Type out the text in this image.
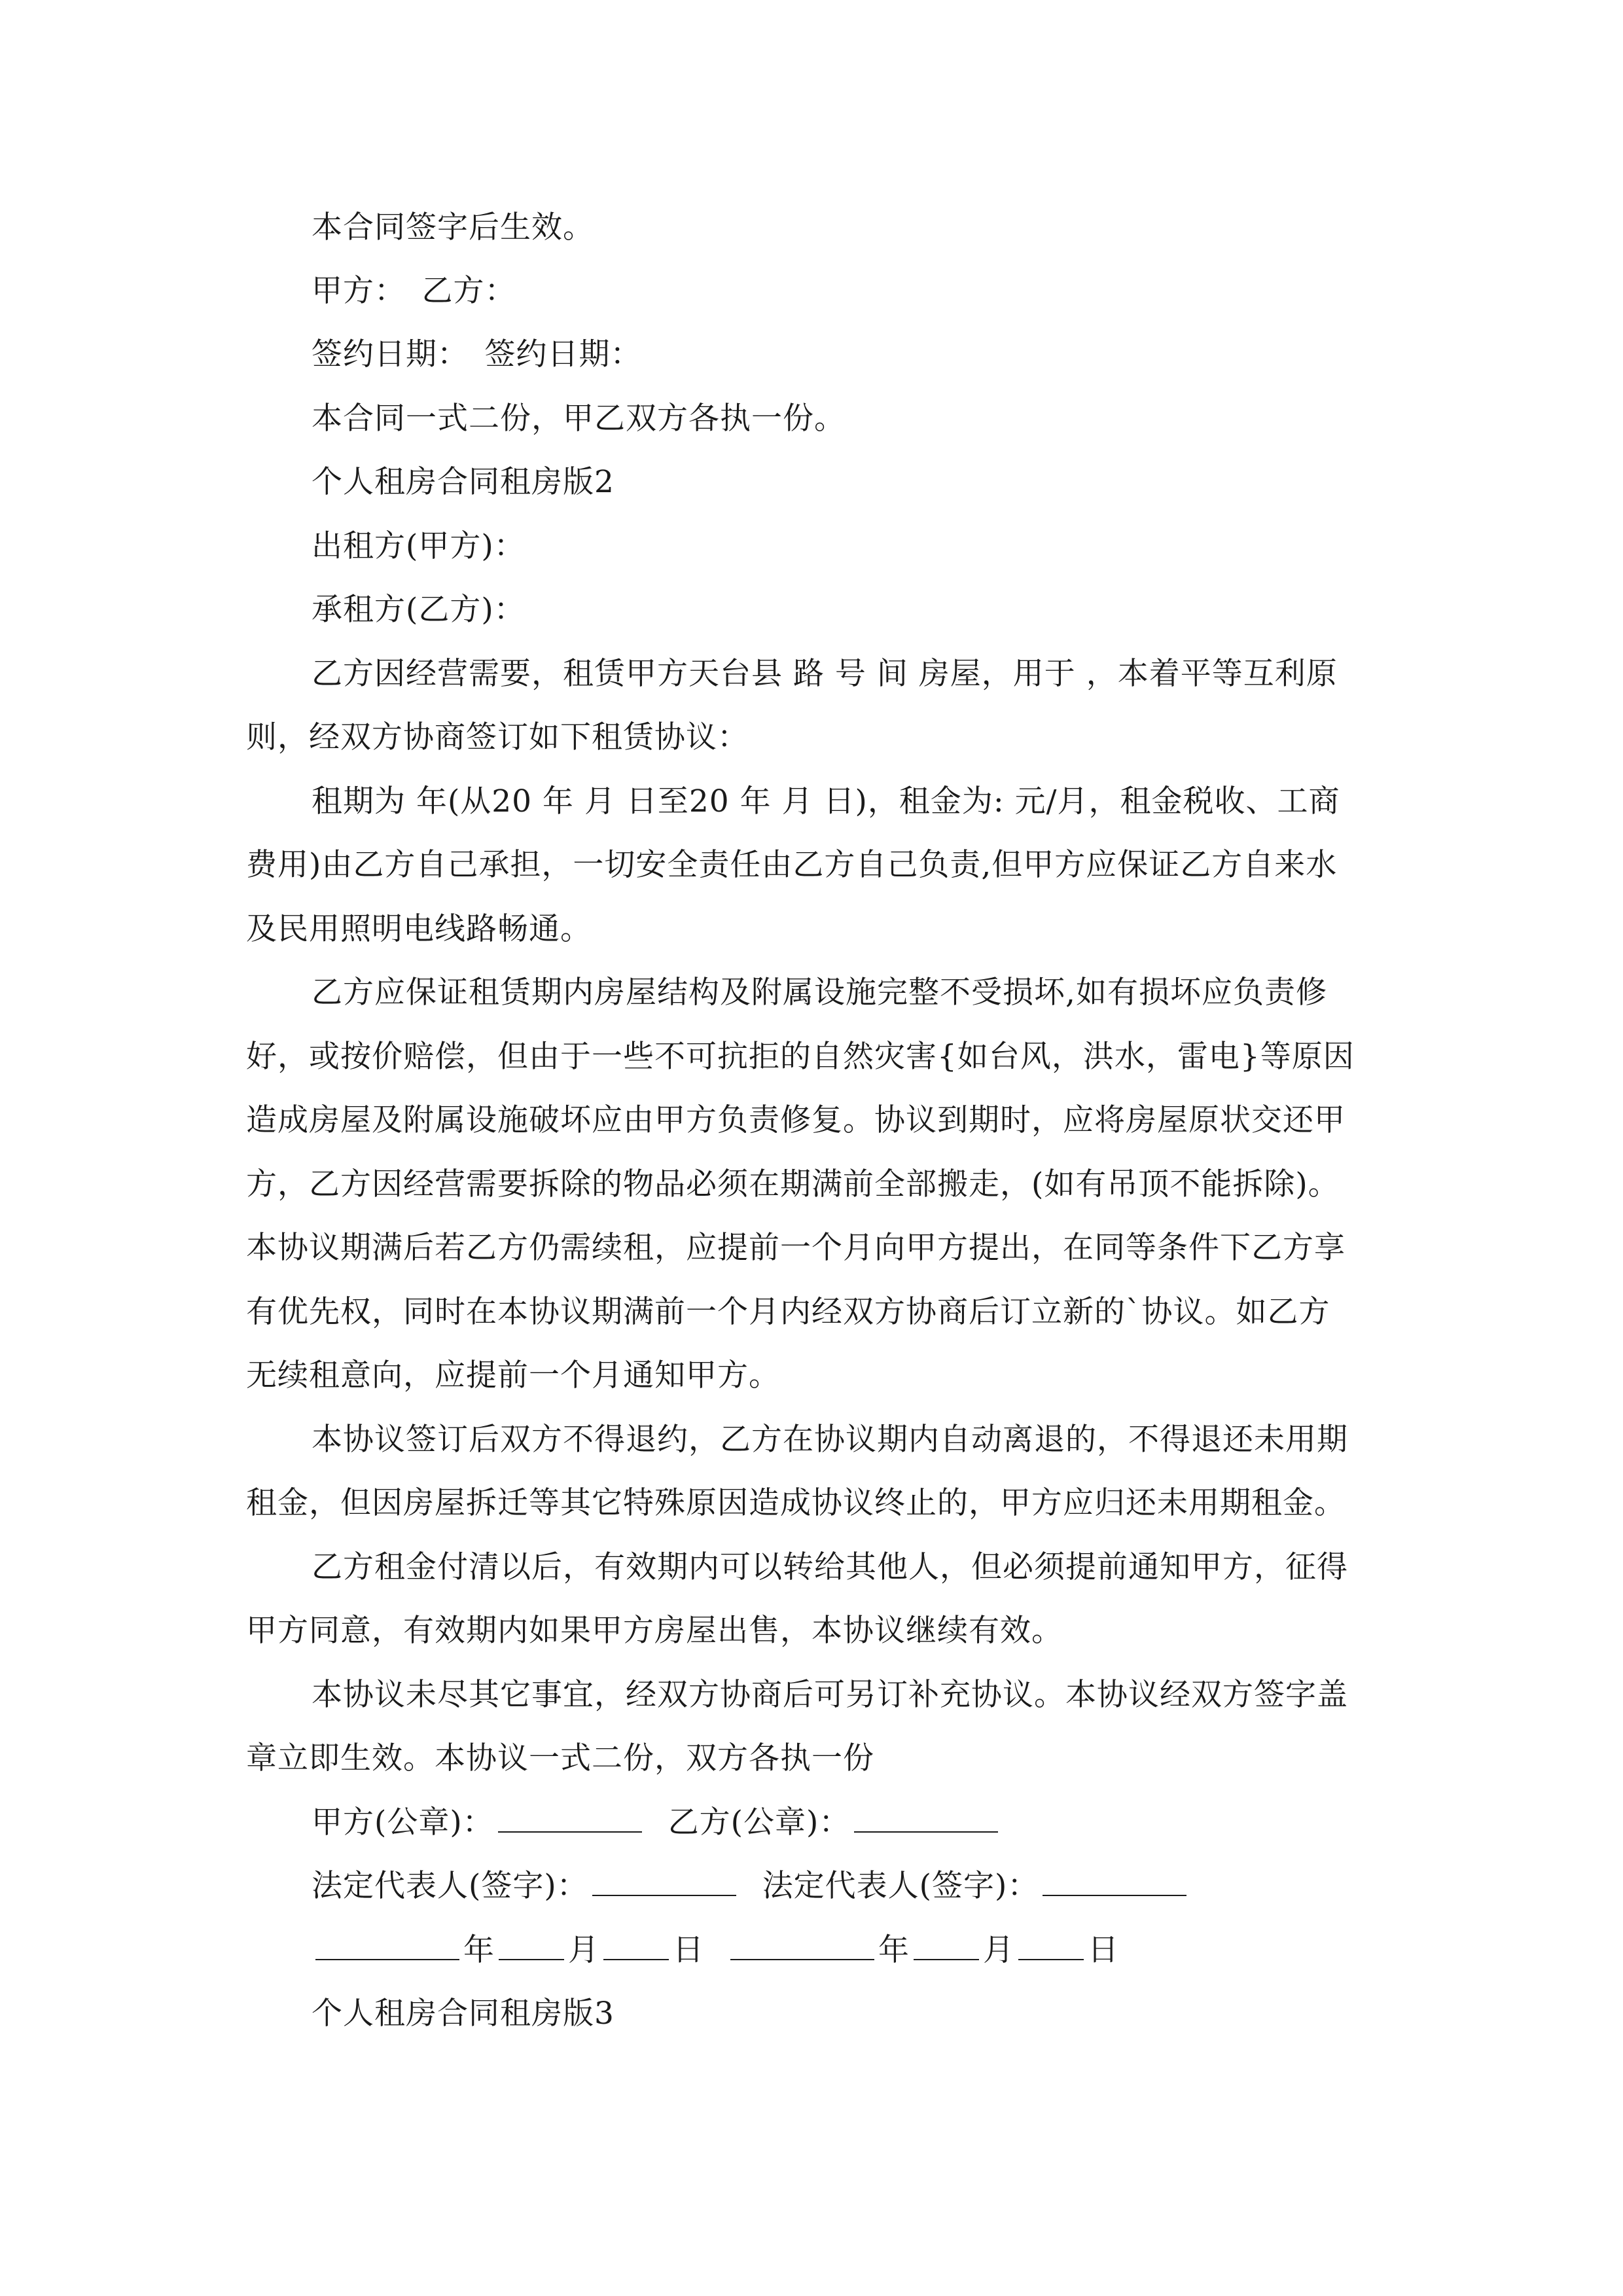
本合同签字后生效。
甲方：　乙方：
签约日期：　签约日期：
本合同一式二份，甲乙双方各执一份。
个人租房合同租房版2
出租方(甲方)：
承租方(乙方)：
乙方因经营需要，租赁甲方天台县 路 号 间 房屋，用于 ，本着平等互利原
则，经双方协商签订如下租赁协议：
租期为 年(从20 年 月 日至20 年 月 日)，租金为: 元/月，租金税收、工商
费用)由乙方自己承担，一切安全责任由乙方自己负责,但甲方应保证乙方自来水
及民用照明电线路畅通。
乙方应保证租赁期内房屋结构及附属设施完整不受损坏,如有损坏应负责修
好，或按价赔偿，但由于一些不可抗拒的自然灾害{如台风，洪水，雷电}等原因
造成房屋及附属设施破坏应由甲方负责修复。协议到期时，应将房屋原状交还甲
方，乙方因经营需要拆除的物品必须在期满前全部搬走，(如有吊顶不能拆除)。
本协议期满后若乙方仍需续租，应提前一个月向甲方提出，在同等条件下乙方享
有优先权，同时在本协议期满前一个月内经双方协商后订立新的`协议。如乙方
无续租意向，应提前一个月通知甲方。
本协议签订后双方不得退约，乙方在协议期内自动离退的，不得退还未用期
租金，但因房屋拆迁等其它特殊原因造成协议终止的，甲方应归还未用期租金。
乙方租金付清以后，有效期内可以转给其他人，但必须提前通知甲方，征得
甲方同意，有效期内如果甲方房屋出售，本协议继续有效。
本协议未尽其它事宜，经双方协商后可另订补充协议。本协议经双方签字盖
章立即生效。本协议一式二份，双方各执一份
甲方(公章)：	乙方(公章)：
法定代表人(签字)：	法定代表人(签字)：
年 月 日	年 月 日
个人租房合同租房版3
